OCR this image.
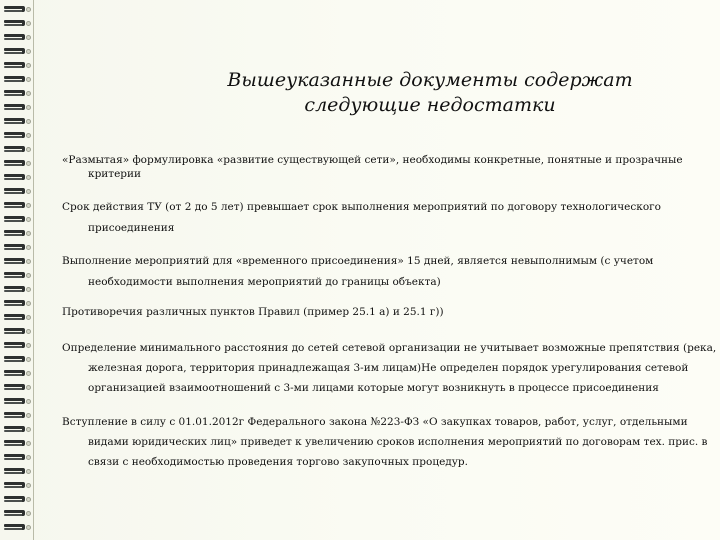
Вышеуказанные документы содержат
следующие недостатки
«Размытая» формулировка «развитие существующей сети», необходимы конкретные, понятные и прозрачные
критерии
Срок действия ТУ (от 2 до 5 лет) превышает срок выполнения мероприятий по договору технологического
присоединения
Выполнение мероприятий для «временного присоединения» 15 дней, является невыполнимым (с учетом
необходимости выполнения мероприятий до границы объекта)
Противоречия различных пунктов Правил (пример 25.1 а) и 25.1 г))
Определение минимального расстояния до сетей сетевой организации не учитывает возможные препятствия (река,
железная дорога, территория принадлежащая 3-им лицам)Не определен порядок урегулирования сетевой
организацией взаимоотношений с 3-ми лицами которые могут возникнуть в процессе присоединения
Вступление в силу с 01.01.2012г Федерального закона №223-ФЗ «О закупках товаров, работ, услуг, отдельными
видами юридических лиц» приведет к увеличению сроков исполнения мероприятий по договорам тех. прис. в
связи с необходимостью проведения торгово закупочных процедур.
